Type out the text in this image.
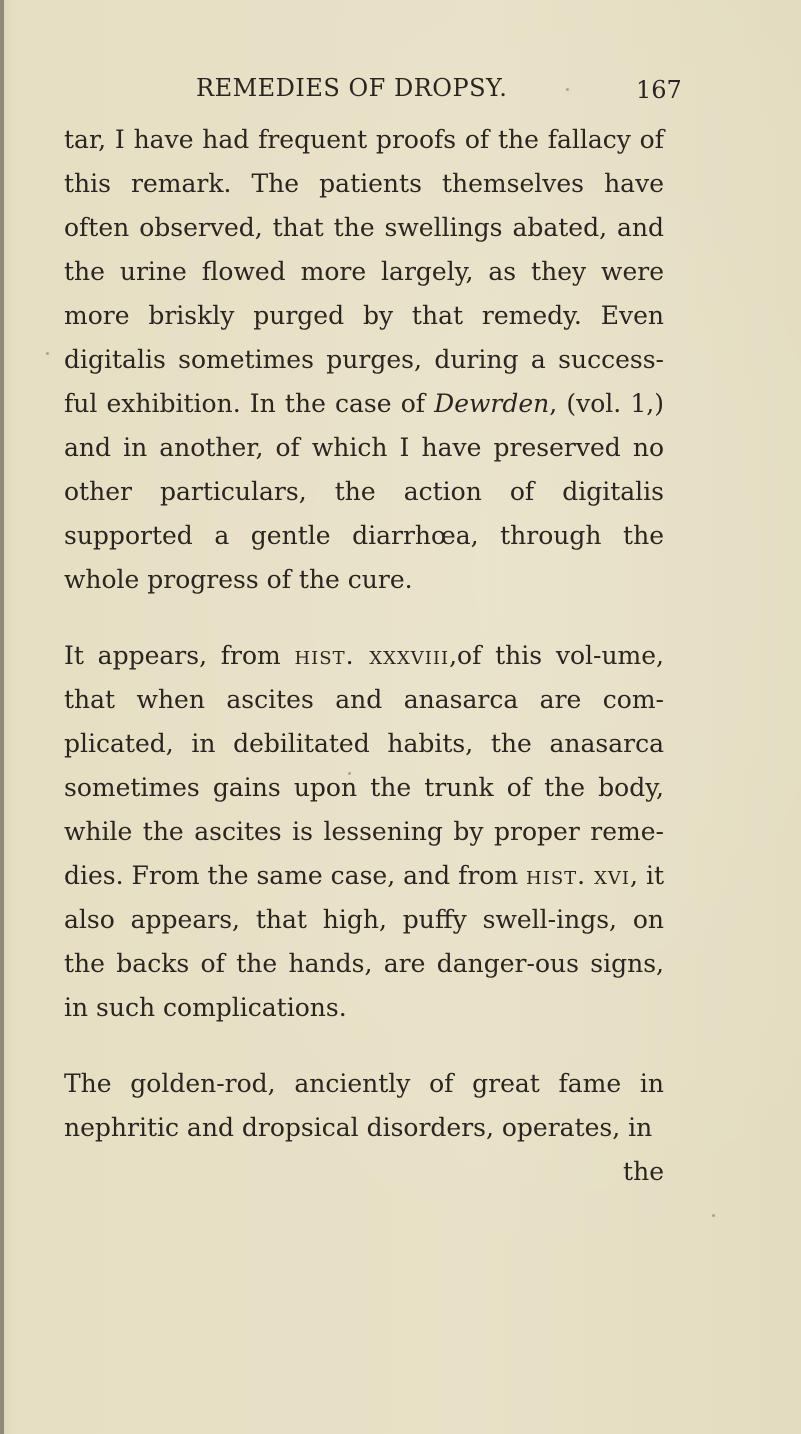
REMEDIES OF DROPSY.	167

tar, I have had frequent proofs of the fallacy of this remark. The patients themselves have often observed, that the swellings abated, and the urine flowed more largely, as they were more briskly purged by that remedy. Even digitalis sometimes purges, during a success-ful exhibition. In the case of Dewrden, (vol. 1,) and in another, of which I have preserved no other particulars, the action of digitalis supported a gentle diarrhœa, through the whole progress of the cure.

It appears, from hist. xxxviii,of this vol-ume, that when ascites and anasarca are com-plicated, in debilitated habits, the anasarca sometimes gains upon the trunk of the body, while the ascites is lessening by proper reme-dies. From the same case, and from hist. xvi, it also appears, that high, puffy swell-ings, on the backs of the hands, are danger-ous signs, in such complications.

The golden-rod, anciently of great fame in nephritic and dropsical disorders, operates, in

the
